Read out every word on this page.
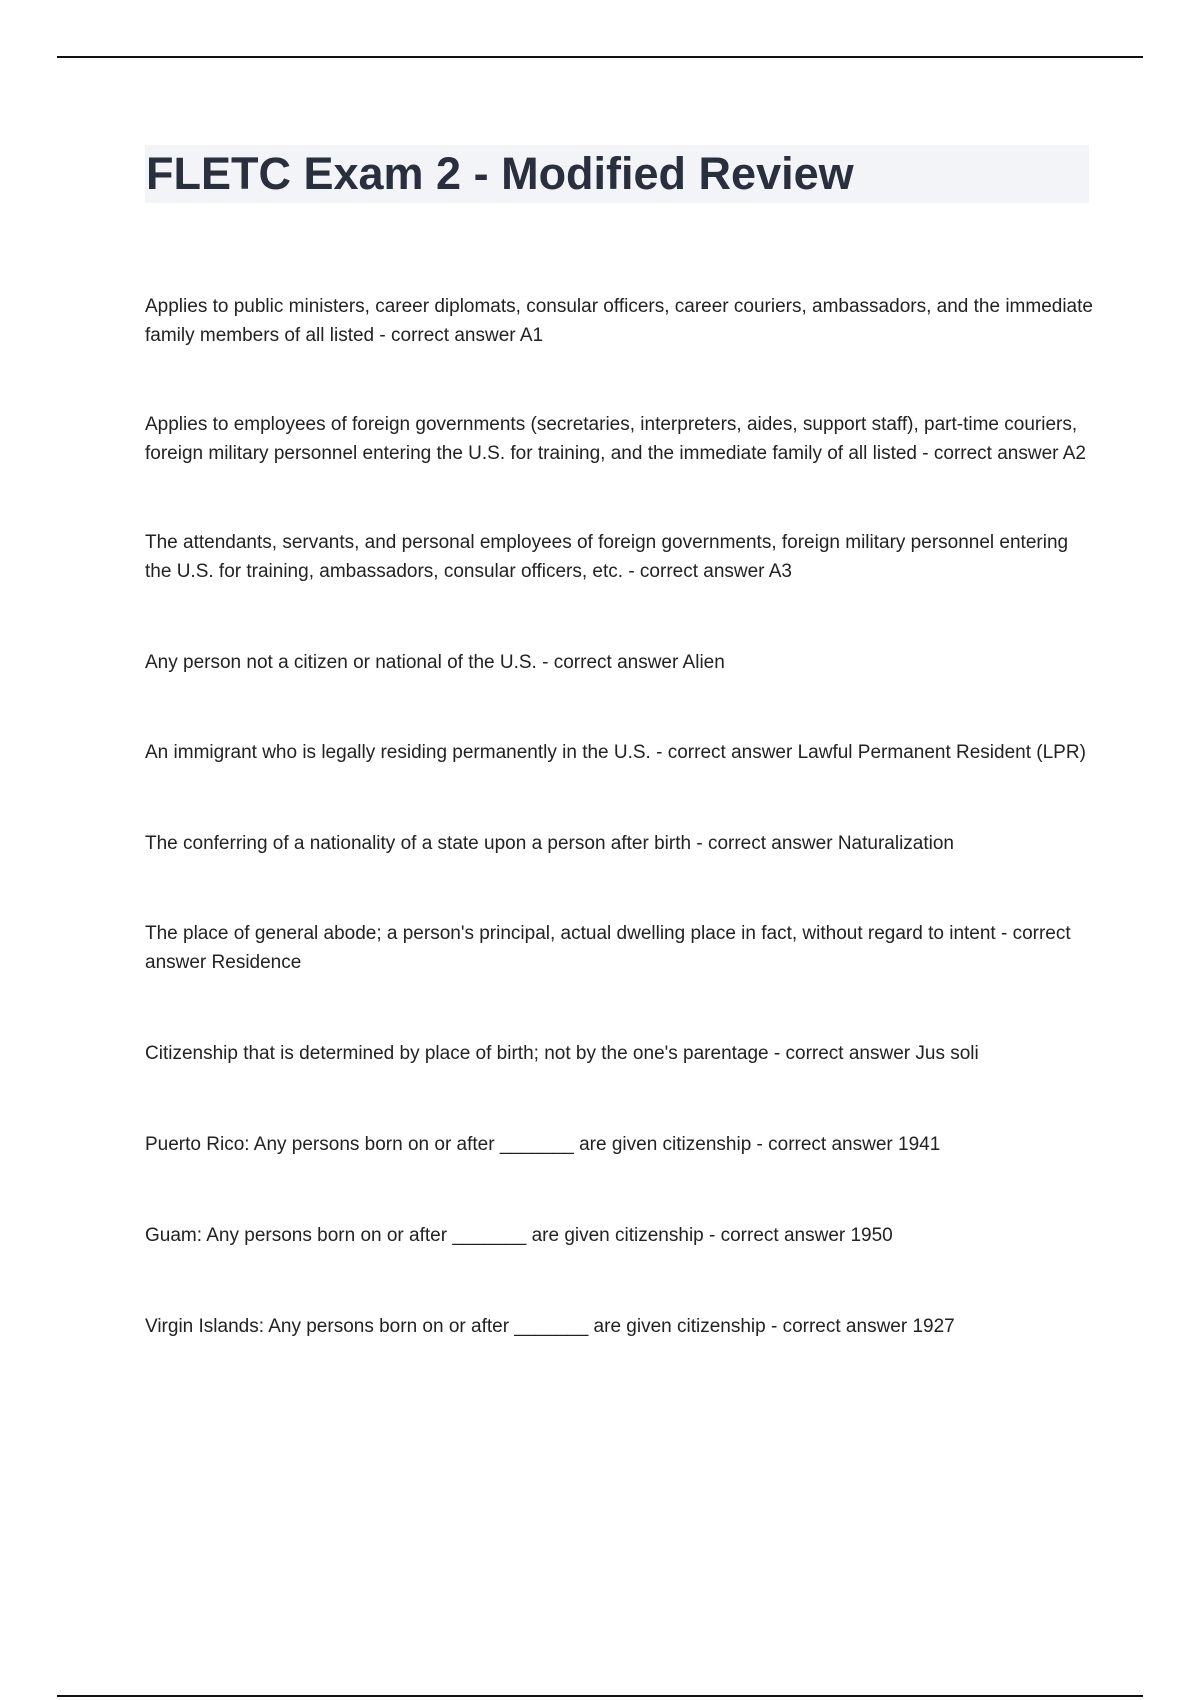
FLETC Exam 2 - Modified Review

Applies to public ministers, career diplomats, consular officers, career couriers, ambassadors, and the immediate family members of all listed - correct answer A1

Applies to employees of foreign governments (secretaries, interpreters, aides, support staff), part-time couriers, foreign military personnel entering the U.S. for training, and the immediate family of all listed - correct answer A2

The attendants, servants, and personal employees of foreign governments, foreign military personnel entering the U.S. for training, ambassadors, consular officers, etc. - correct answer A3

Any person not a citizen or national of the U.S. - correct answer Alien

An immigrant who is legally residing permanently in the U.S. - correct answer Lawful Permanent Resident (LPR)

The conferring of a nationality of a state upon a person after birth - correct answer Naturalization

The place of general abode; a person's principal, actual dwelling place in fact, without regard to intent - correct answer Residence

Citizenship that is determined by place of birth; not by the one's parentage - correct answer Jus soli

Puerto Rico: Any persons born on or after _______ are given citizenship - correct answer 1941

Guam: Any persons born on or after _______ are given citizenship - correct answer 1950

Virgin Islands: Any persons born on or after _______ are given citizenship - correct answer 1927
